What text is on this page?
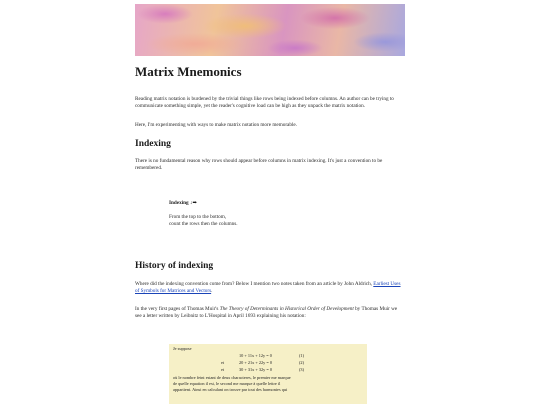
Matrix Mnemonics

Reading matrix notation is burdened by the trivial things like rows being indexed before columns. An author can be trying to communicate something simple, yet the reader's cognitive load can be high as they unpack the matrix notation.

Here, I'm experimenting with ways to make matrix notation more memorable.

Indexing

There is no fundamental reason why rows should appear before columns in matrix indexing. It's just a convention to be remembered.

Indexing ↓➡
From the top to the bottom,
count the rows then the columns.
History of indexing

Where did the indexing convention come from? Below I mention two notes taken from an article by John Aldrich, Earliest Uses of Symbols for Matrices and Vectors.

In the very first pages of Thomas Muir's The Theory of Determinants in Historical Order of Development by Thomas Muir we see a letter written by Leibnitz to L'Hospital in April 1693 explaining his notation:

Je suppose
10 + 11x + 12y = 0	(1)
et	20 + 21x + 22y = 0	(2)
et	30 + 31x + 32y = 0	(3)
où le nombre feint estant de deux characteres, le premier me marque
de quelle equation il est, le second me marque à quelle lettre il
appartient. Ainsi en calculant on trouve par tout des harmonies qui
